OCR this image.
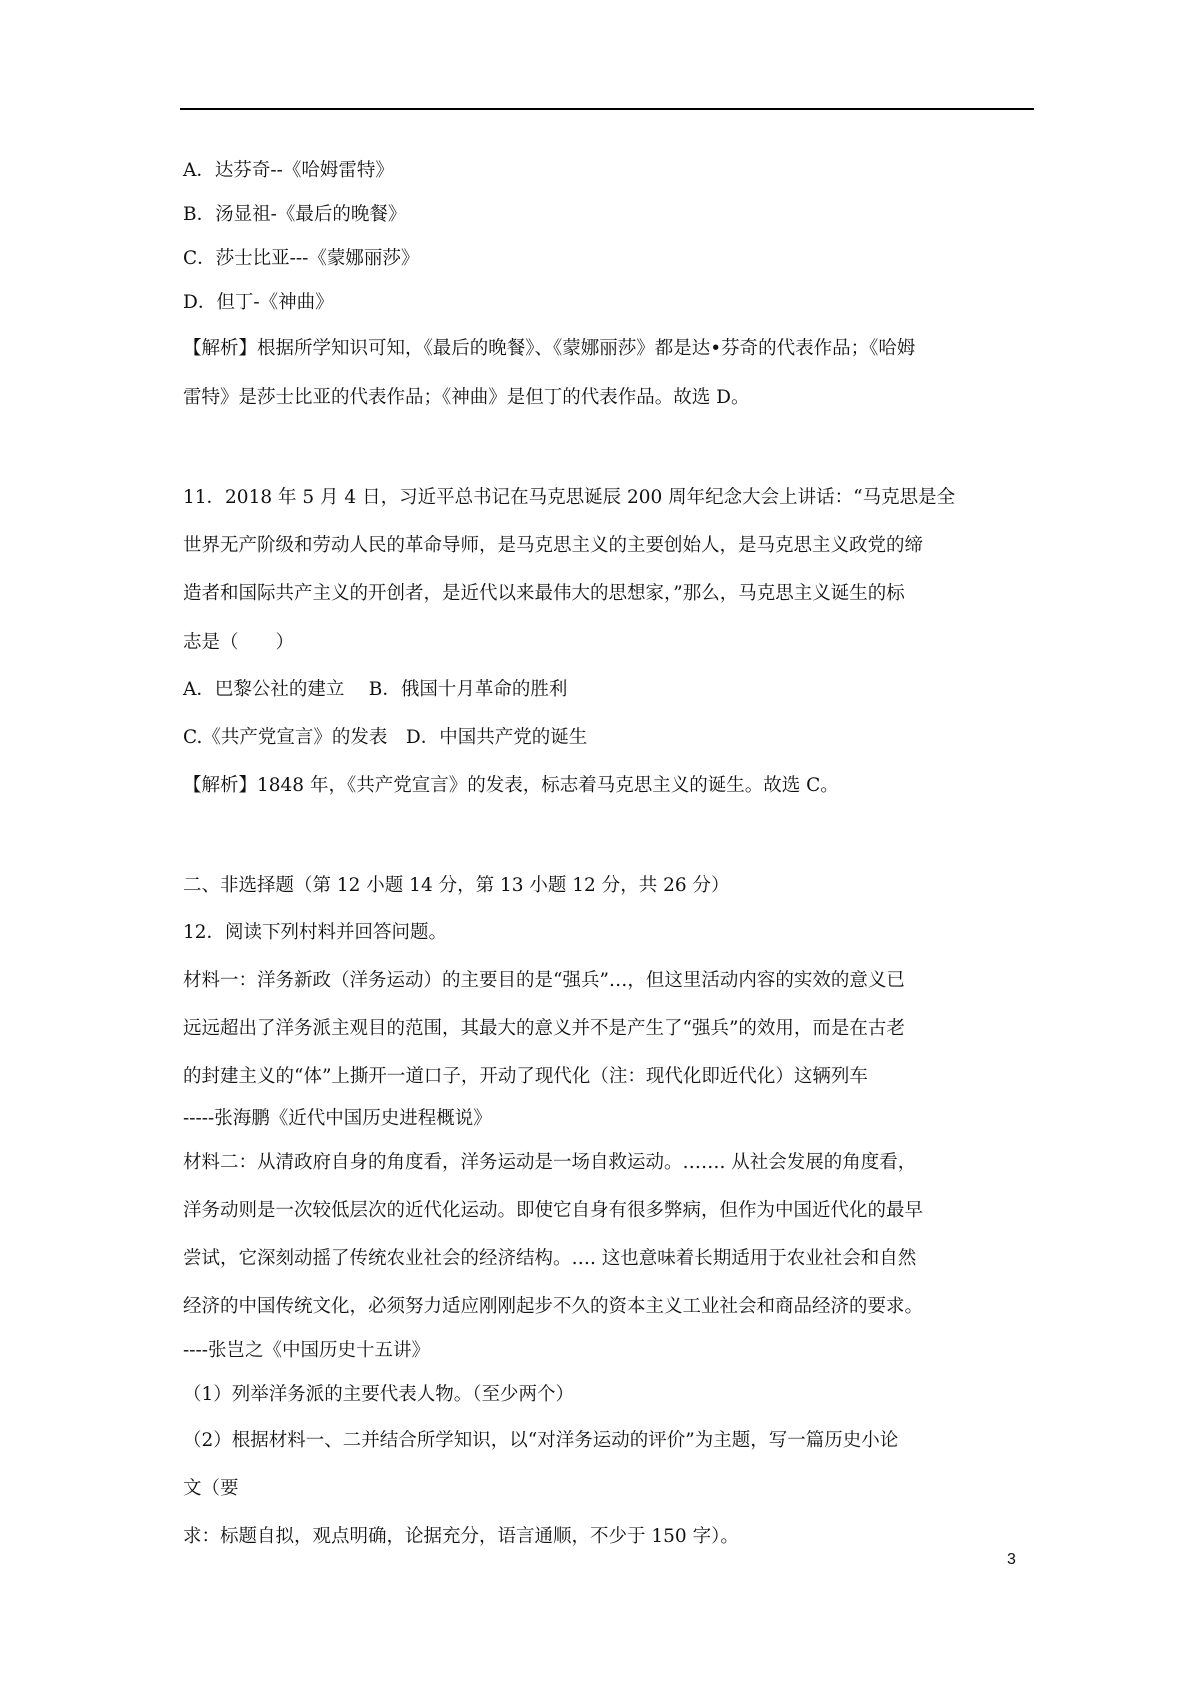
A．达芬奇--《哈姆雷特》
B．汤显祖-《最后的晚餐》
C．莎士比亚---《蒙娜丽莎》
D．但丁-《神曲》
【解析】根据所学知识可知，《最后的晚餐》、《蒙娜丽莎》都是达•芬奇的代表作品；《哈姆
雷特》是莎士比亚的代表作品；《神曲》是但丁的代表作品。故选 D。
11．2018 年 5 月 4 日，习近平总书记在马克思诞辰 200 周年纪念大会上讲话：“马克思是全
世界无产阶级和劳动人民的革命导师，是马克思主义的主要创始人，是马克思主义政党的缔
造者和国际共产主义的开创者，是近代以来最伟大的思想家，”那么，马克思主义诞生的标
志是（　　）
A．巴黎公社的建立　 B．俄国十月革命的胜利
C.《共产党宣言》的发表　D．中国共产党的诞生
【解析】1848 年，《共产党宣言》的发表，标志着马克思主义的诞生。故选 C。
二、非选择题（第 12 小题 14 分，第 13 小题 12 分，共 26 分）
12．阅读下列村料并回答问题。
材料一：洋务新政（洋务运动）的主要目的是“强兵”…，但这里活动内容的实效的意义已
远远超出了洋务派主观目的范围，其最大的意义并不是产生了“强兵”的效用，而是在古老
的封建主义的“体”上撕开一道口子，开动了现代化（注：现代化即近代化）这辆列车
-----张海鹏《近代中国历史进程概说》
材料二：从清政府自身的角度看，洋务运动是一场自救运动。……. 从社会发展的角度看，
洋务动则是一次较低层次的近代化运动。即使它自身有很多弊病，但作为中国近代化的最早
尝试，它深刻动摇了传统农业社会的经济结构。…. 这也意味着长期适用于农业社会和自然
经济的中国传统文化，必须努力适应刚刚起步不久的资本主义工业社会和商品经济的要求。
----张岂之《中国历史十五讲》
（1）列举洋务派的主要代表人物。（至少两个）
（2）根据材料一、二并结合所学知识，以“对洋务运动的评价”为主题，写一篇历史小论
文（要
求：标题自拟，观点明确，论据充分，语言通顺，不少于 150 字）。
3
